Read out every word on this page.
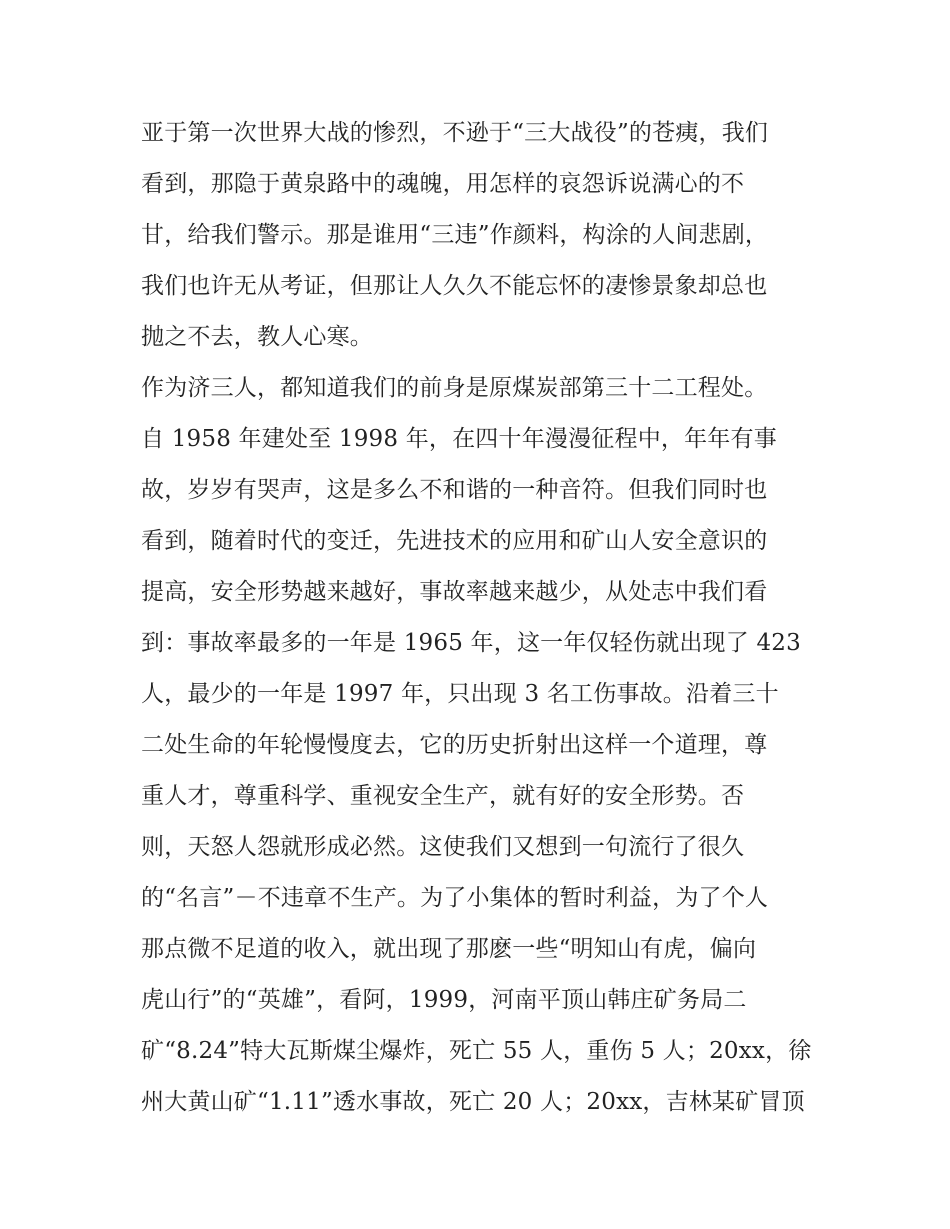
亚于第一次世界大战的惨烈，不逊于“三大战役”的苍痍，我们
看到，那隐于黄泉路中的魂魄，用怎样的哀怨诉说满心的不
甘，给我们警示。那是谁用“三违”作颜料，构涂的人间悲剧，
我们也许无从考证，但那让人久久不能忘怀的凄惨景象却总也
抛之不去，教人心寒。
作为济三人，都知道我们的前身是原煤炭部第三十二工程处。
自 1958 年建处至 1998 年，在四十年漫漫征程中，年年有事
故，岁岁有哭声，这是多么不和谐的一种音符。但我们同时也
看到，随着时代的变迁，先进技术的应用和矿山人安全意识的
提高，安全形势越来越好，事故率越来越少，从处志中我们看
到：事故率最多的一年是 1965 年，这一年仅轻伤就出现了 423
人，最少的一年是 1997 年，只出现 3 名工伤事故。沿着三十
二处生命的年轮慢慢度去，它的历史折射出这样一个道理，尊
重人才，尊重科学、重视安全生产，就有好的安全形势。否
则，天怒人怨就形成必然。这使我们又想到一句流行了很久
的“名言”－不违章不生产。为了小集体的暂时利益，为了个人
那点微不足道的收入，就出现了那麽一些“明知山有虎，偏向
虎山行”的“英雄”，看阿，1999，河南平顶山韩庄矿务局二
矿“8.24”特大瓦斯煤尘爆炸，死亡 55 人，重伤 5 人；20xx，徐
州大黄山矿“1.11”透水事故，死亡 20 人；20xx，吉林某矿冒顶
